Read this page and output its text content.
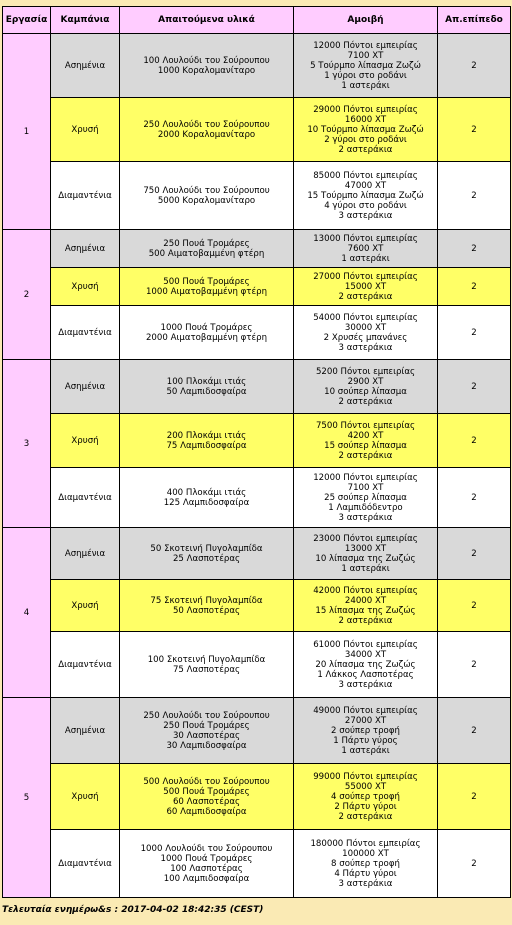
Εργασία	Καμπάνια	Απαιτούμενα υλικά	Αμοιβή	Απ.επίπεδο
1	Ασημένια	100 Λουλούδι του Σούρουπου
1000 Κοραλομανίταρο	12000 Πόντοι εμπειρίας
7100 ΧΤ
5 Τούρμπο λίπασμα Ζωζώ
1 γύροι στο ροδάνι
1 αστεράκι	2
	Χρυσή	250 Λουλούδι του Σούρουπου
2000 Κοραλομανίταρο	29000 Πόντοι εμπειρίας
16000 ΧΤ
10 Τούρμπο λίπασμα Ζωζώ
2 γύροι στο ροδάνι
2 αστεράκια	2
	Διαμαντένια	750 Λουλούδι του Σούρουπου
5000 Κοραλομανίταρο	85000 Πόντοι εμπειρίας
47000 ΧΤ
15 Τούρμπο λίπασμα Ζωζώ
4 γύροι στο ροδάνι
3 αστεράκια	2
2	Ασημένια	250 Πουά Τρομάρες
500 Αιματοβαμμένη φτέρη	13000 Πόντοι εμπειρίας
7600 ΧΤ
1 αστεράκι	2
	Χρυσή	500 Πουά Τρομάρες
1000 Αιματοβαμμένη φτέρη	27000 Πόντοι εμπειρίας
15000 ΧΤ
2 αστεράκια	2
	Διαμαντένια	1000 Πουά Τρομάρες
2000 Αιματοβαμμένη φτέρη	54000 Πόντοι εμπειρίας
30000 ΧΤ
2 Χρυσές μπανάνες
3 αστεράκια	2
3	Ασημένια	100 Πλοκάμι ιτιάς
50 Λαμπιδοσφαίρα	5200 Πόντοι εμπειρίας
2900 ΧΤ
10 σούπερ λίπασμα
2 αστεράκια	2
	Χρυσή	200 Πλοκάμι ιτιάς
75 Λαμπιδοσφαίρα	7500 Πόντοι εμπειρίας
4200 ΧΤ
15 σούπερ λίπασμα
2 αστεράκια	2
	Διαμαντένια	400 Πλοκάμι ιτιάς
125 Λαμπιδοσφαίρα	12000 Πόντοι εμπειρίας
7100 ΧΤ
25 σούπερ λίπασμα
1 Λαμπιδόδεντρο
3 αστεράκια	2
4	Ασημένια	50 Σκοτεινή Πυγολαμπίδα
25 Λασποτέρας	23000 Πόντοι εμπειρίας
13000 ΧΤ
10 λίπασμα της Ζωζώς
1 αστεράκι	2
	Χρυσή	75 Σκοτεινή Πυγολαμπίδα
50 Λασποτέρας	42000 Πόντοι εμπειρίας
24000 ΧΤ
15 λίπασμα της Ζωζώς
2 αστεράκια	2
	Διαμαντένια	100 Σκοτεινή Πυγολαμπίδα
75 Λασποτέρας	61000 Πόντοι εμπειρίας
34000 ΧΤ
20 λίπασμα της Ζωζώς
1 Λάκκος Λασποτέρας
3 αστεράκια	2
5	Ασημένια	250 Λουλούδι του Σούρουπου
250 Πουά Τρομάρες
30 Λασποτέρας
30 Λαμπιδοσφαίρα	49000 Πόντοι εμπειρίας
27000 ΧΤ
2 σούπερ τροφή
1 Πάρτυ γύρος
1 αστεράκι	2
	Χρυσή	500 Λουλούδι του Σούρουπου
500 Πουά Τρομάρες
60 Λασποτέρας
60 Λαμπιδοσφαίρα	99000 Πόντοι εμπειρίας
55000 ΧΤ
4 σούπερ τροφή
2 Πάρτυ γύροι
2 αστεράκια	2
	Διαμαντένια	1000 Λουλούδι του Σούρουπου
1000 Πουά Τρομάρες
100 Λασποτέρας
100 Λαμπιδοσφαίρα	180000 Πόντοι εμπειρίας
100000 ΧΤ
8 σούπερ τροφή
4 Πάρτυ γύροι
3 αστεράκια	2
Τελευταία ενημέρω&s : 2017-04-02 18:42:35 (CEST)
